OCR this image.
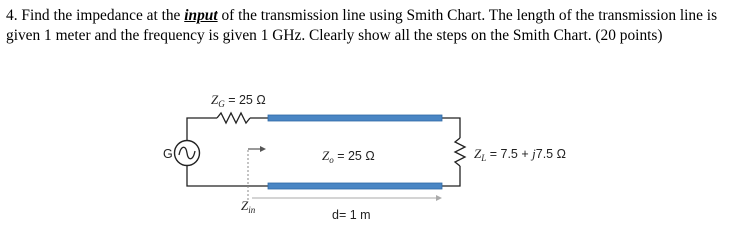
4. Find the impedance at the input of the transmission line using Smith Chart. The length of the transmission line is given 1 meter and the frequency is given 1 GHz. Clearly show all the steps on the Smith Chart. (20 points)

G
$Z_G = 25$ Ω
$Z_o = 25$ Ω	$Z_L = 7.5 + j7.5$ Ω
$Z_{in}$	d= 1 m
